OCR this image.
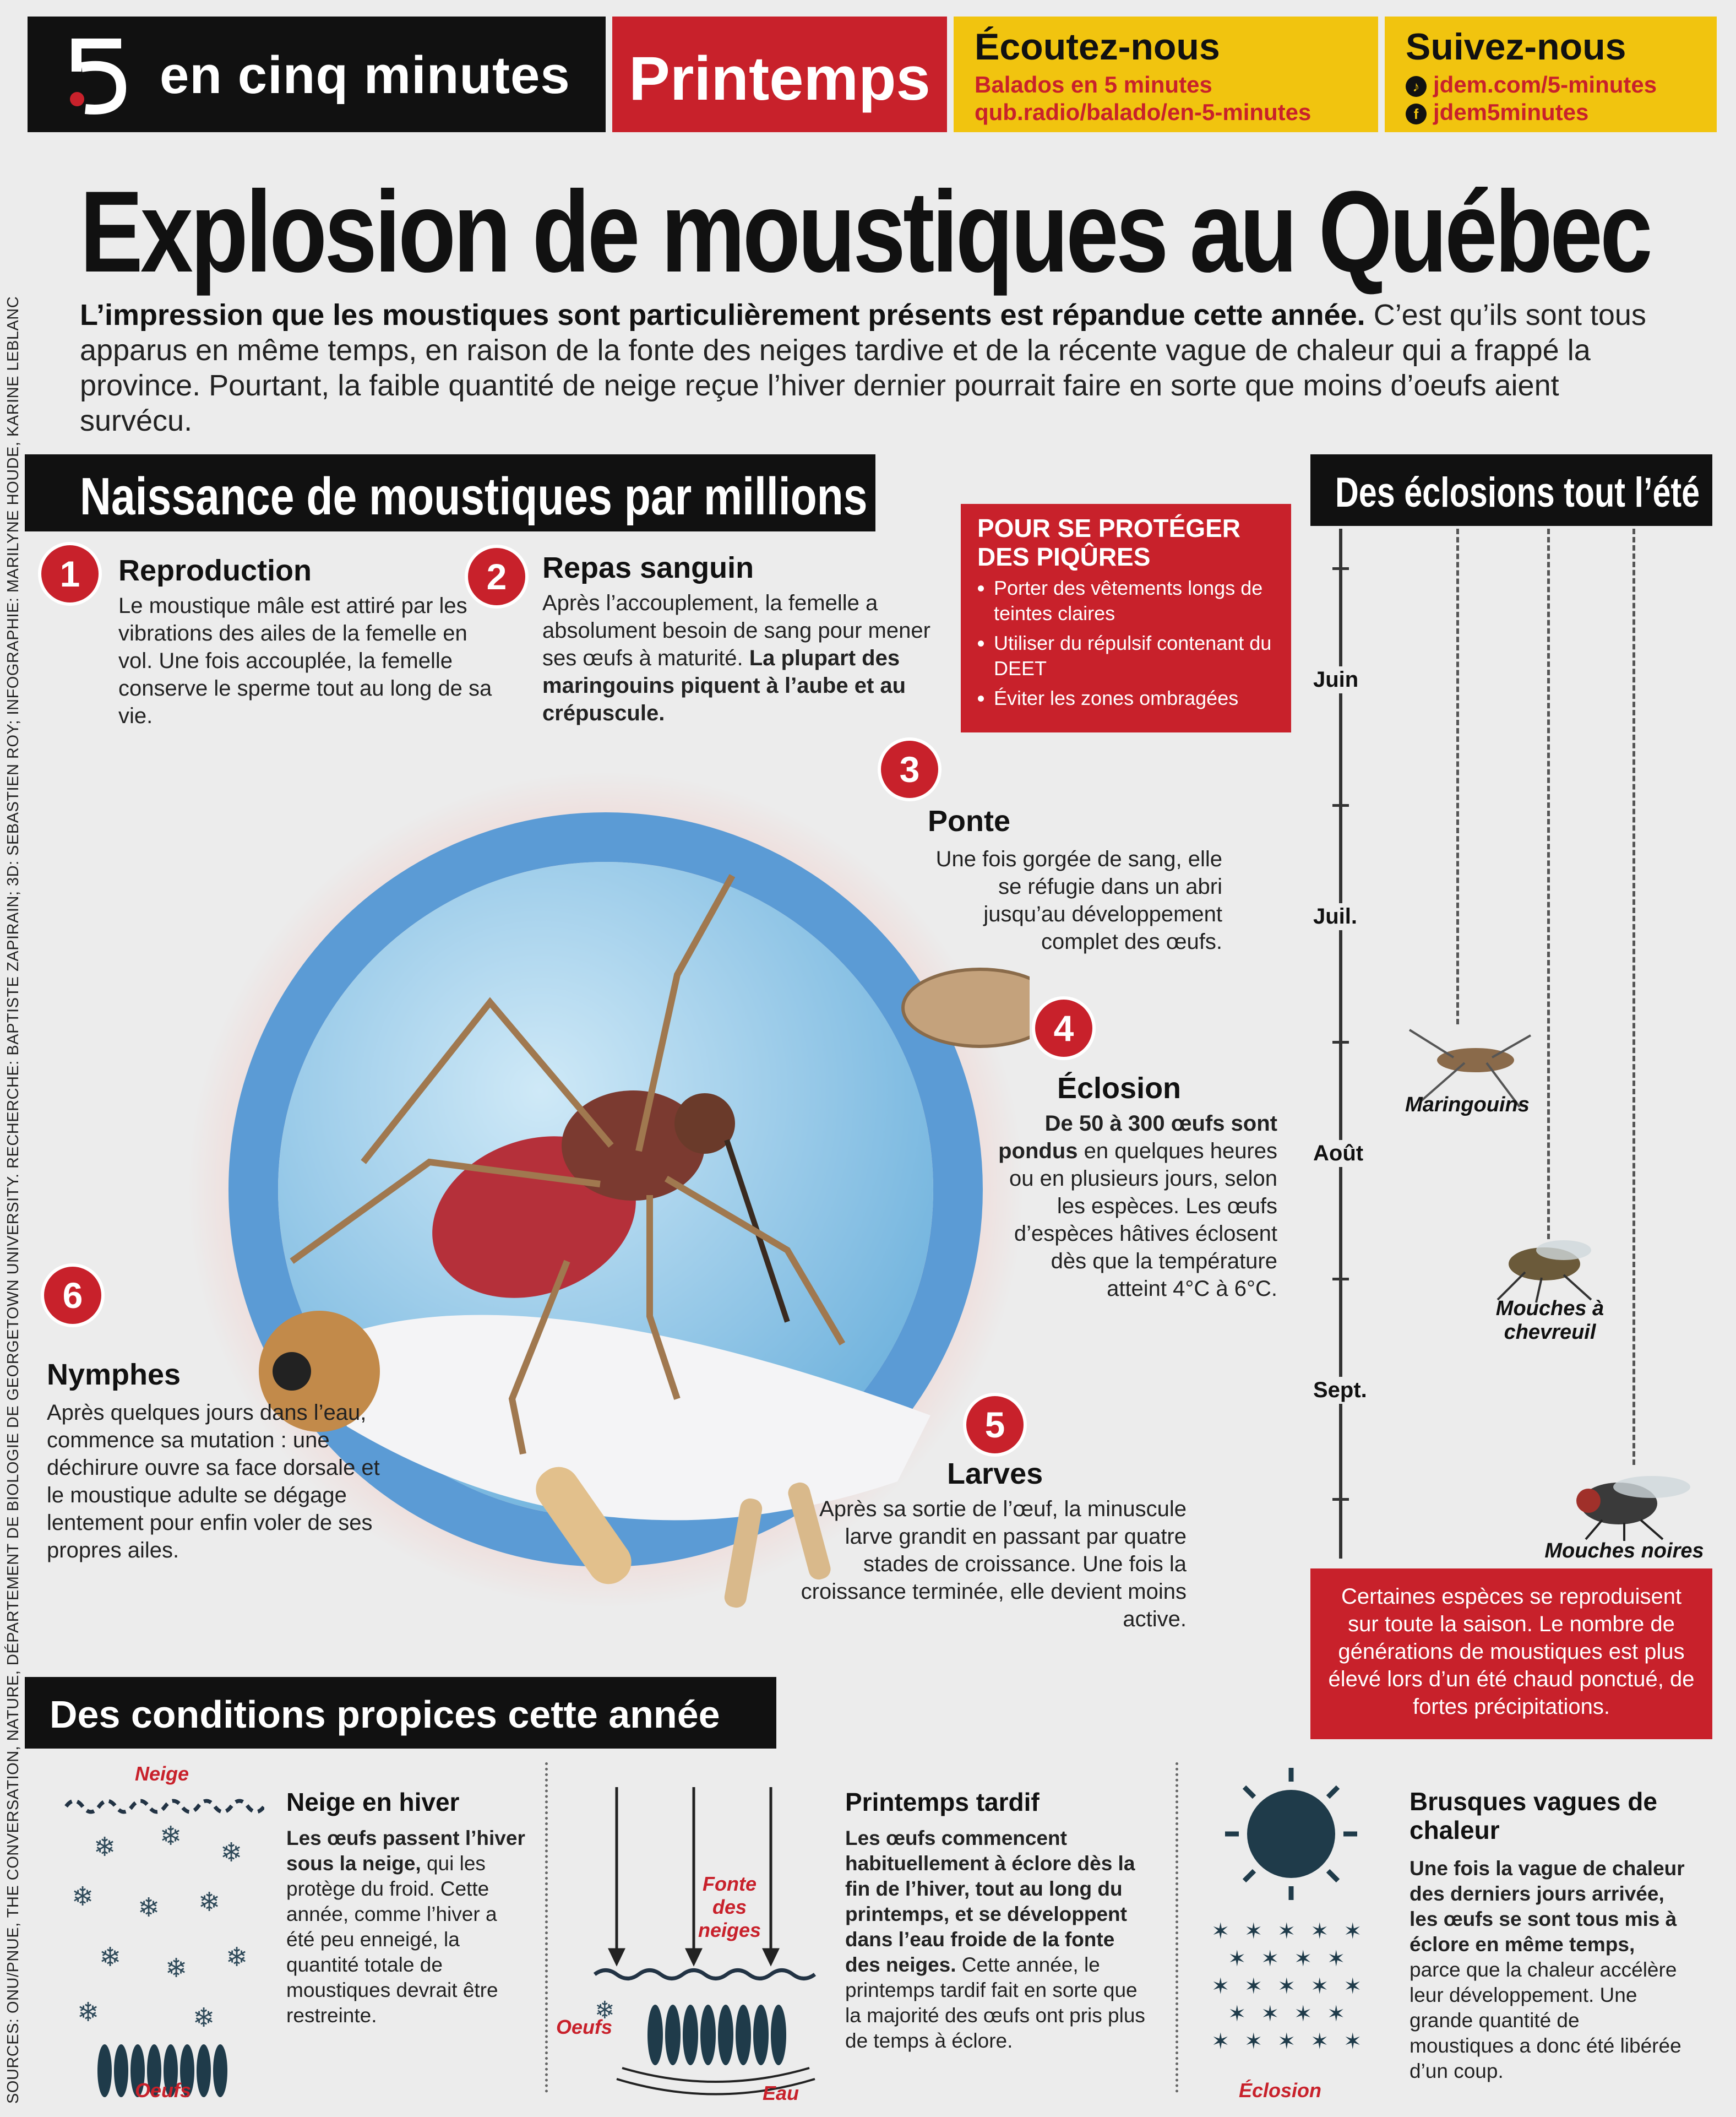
en cinq minutes Printemps	Écoutez-nous
Balados en 5 minutes
qub.radio/balado/en-5-minutes
Suivez-nous
♪ jdem.com/5-minutes
f jdem5minutes
Explosion de moustiques au Québec
L’impression que les moustiques sont particulièrement présents est répandue cette année. C’est qu’ils sont tous apparus en même temps, en raison de la fonte des neiges tardive et de la récente vague de chaleur qui a frappé la province. Pourtant, la faible quantité de neige reçue l’hiver dernier pourrait faire en sorte que moins d’oeufs aient survécu.
Naissance de moustiques par millions
1	Reproduction
Le moustique mâle est attiré par les vibrations des ailes de la femelle en vol. Une fois accouplée, la femelle conserve le sperme tout au long de sa vie.
2	Repas sanguin
Après l’accouplement, la femelle a absolument besoin de sang pour mener ses œufs à maturité. La plupart des maringouins piquent à l’aube et au crépuscule.
3
Ponte
Une fois gorgée de sang, elle se réfugie dans un abri jusqu’au développement complet des œufs.
4
Éclosion
De 50 à 300 œufs sont pondus en quelques heures ou en plusieurs jours, selon les espèces. Les œufs d’espèces hâtives éclosent dès que la température atteint 4°C à 6°C.
5
Larves
Après sa sortie de l’œuf, la minuscule larve grandit en passant par quatre stades de croissance. Une fois la croissance terminée, elle devient moins active.
6
Nymphes
Après quelques jours dans l’eau, commence sa mutation : une déchirure ouvre sa face dorsale et le moustique adulte se dégage lentement pour enfin voler de ses propres ailes.
POUR SE PROTÉGER DES PIQÛRES
• Porter des vêtements longs de teintes claires
• Utiliser du répulsif contenant du DEET
• Éviter les zones ombragées
Des éclosions tout l’été
Juin
Juil.
Août
Sept.
Maringouins
Mouches à chevreuil
Mouches noires

Certaines espèces se reproduisent sur toute la saison. Le nombre de générations de moustiques est plus élevé lors d’un été chaud ponctué, de fortes précipitations.

Des conditions propices cette année
Neige
❄ ❄
❄
❄ ❄ ❄
❄ ❄ ❄
❄	❄
Oeufs
Neige en hiver
Les œufs passent l’hiver sous la neige, qui les protège du froid. Cette année, comme l’hiver a été peu enneigé, la quantité totale de moustiques devrait être restreinte.	❄
Fonte des neiges
Oeufs
Eau
Printemps tardif
Les œufs commencent habituellement à éclore dès la fin de l’hiver, tout au long du printemps, et se développent dans l’eau froide de la fonte des neiges. Cette année, le printemps tardif fait en sorte que la majorité des œufs ont pris plus de temps à éclore.
✶ ✶ ✶ ✶ ✶
✶ ✶ ✶ ✶
✶ ✶ ✶ ✶ ✶
✶ ✶ ✶ ✶
✶ ✶ ✶ ✶ ✶
Éclosion
Brusques vagues de chaleur
Une fois la vague de chaleur des derniers jours arrivée, les œufs se sont tous mis à éclore en même temps, parce que la chaleur accélère leur développement. Une grande quantité de moustiques a donc été libérée d’un coup.
SOURCES: ONU/PNUE, THE CONVERSATION, NATURE, DÉPARTEMENT DE BIOLOGIE DE GEORGETOWN UNIVERSITY. RECHERCHE: BAPTISTE ZAPIRAIN; 3D: SEBASTIEN ROY; INFOGRAPHIE: MARILYNE HOUDE, KARINE LEBLANC
